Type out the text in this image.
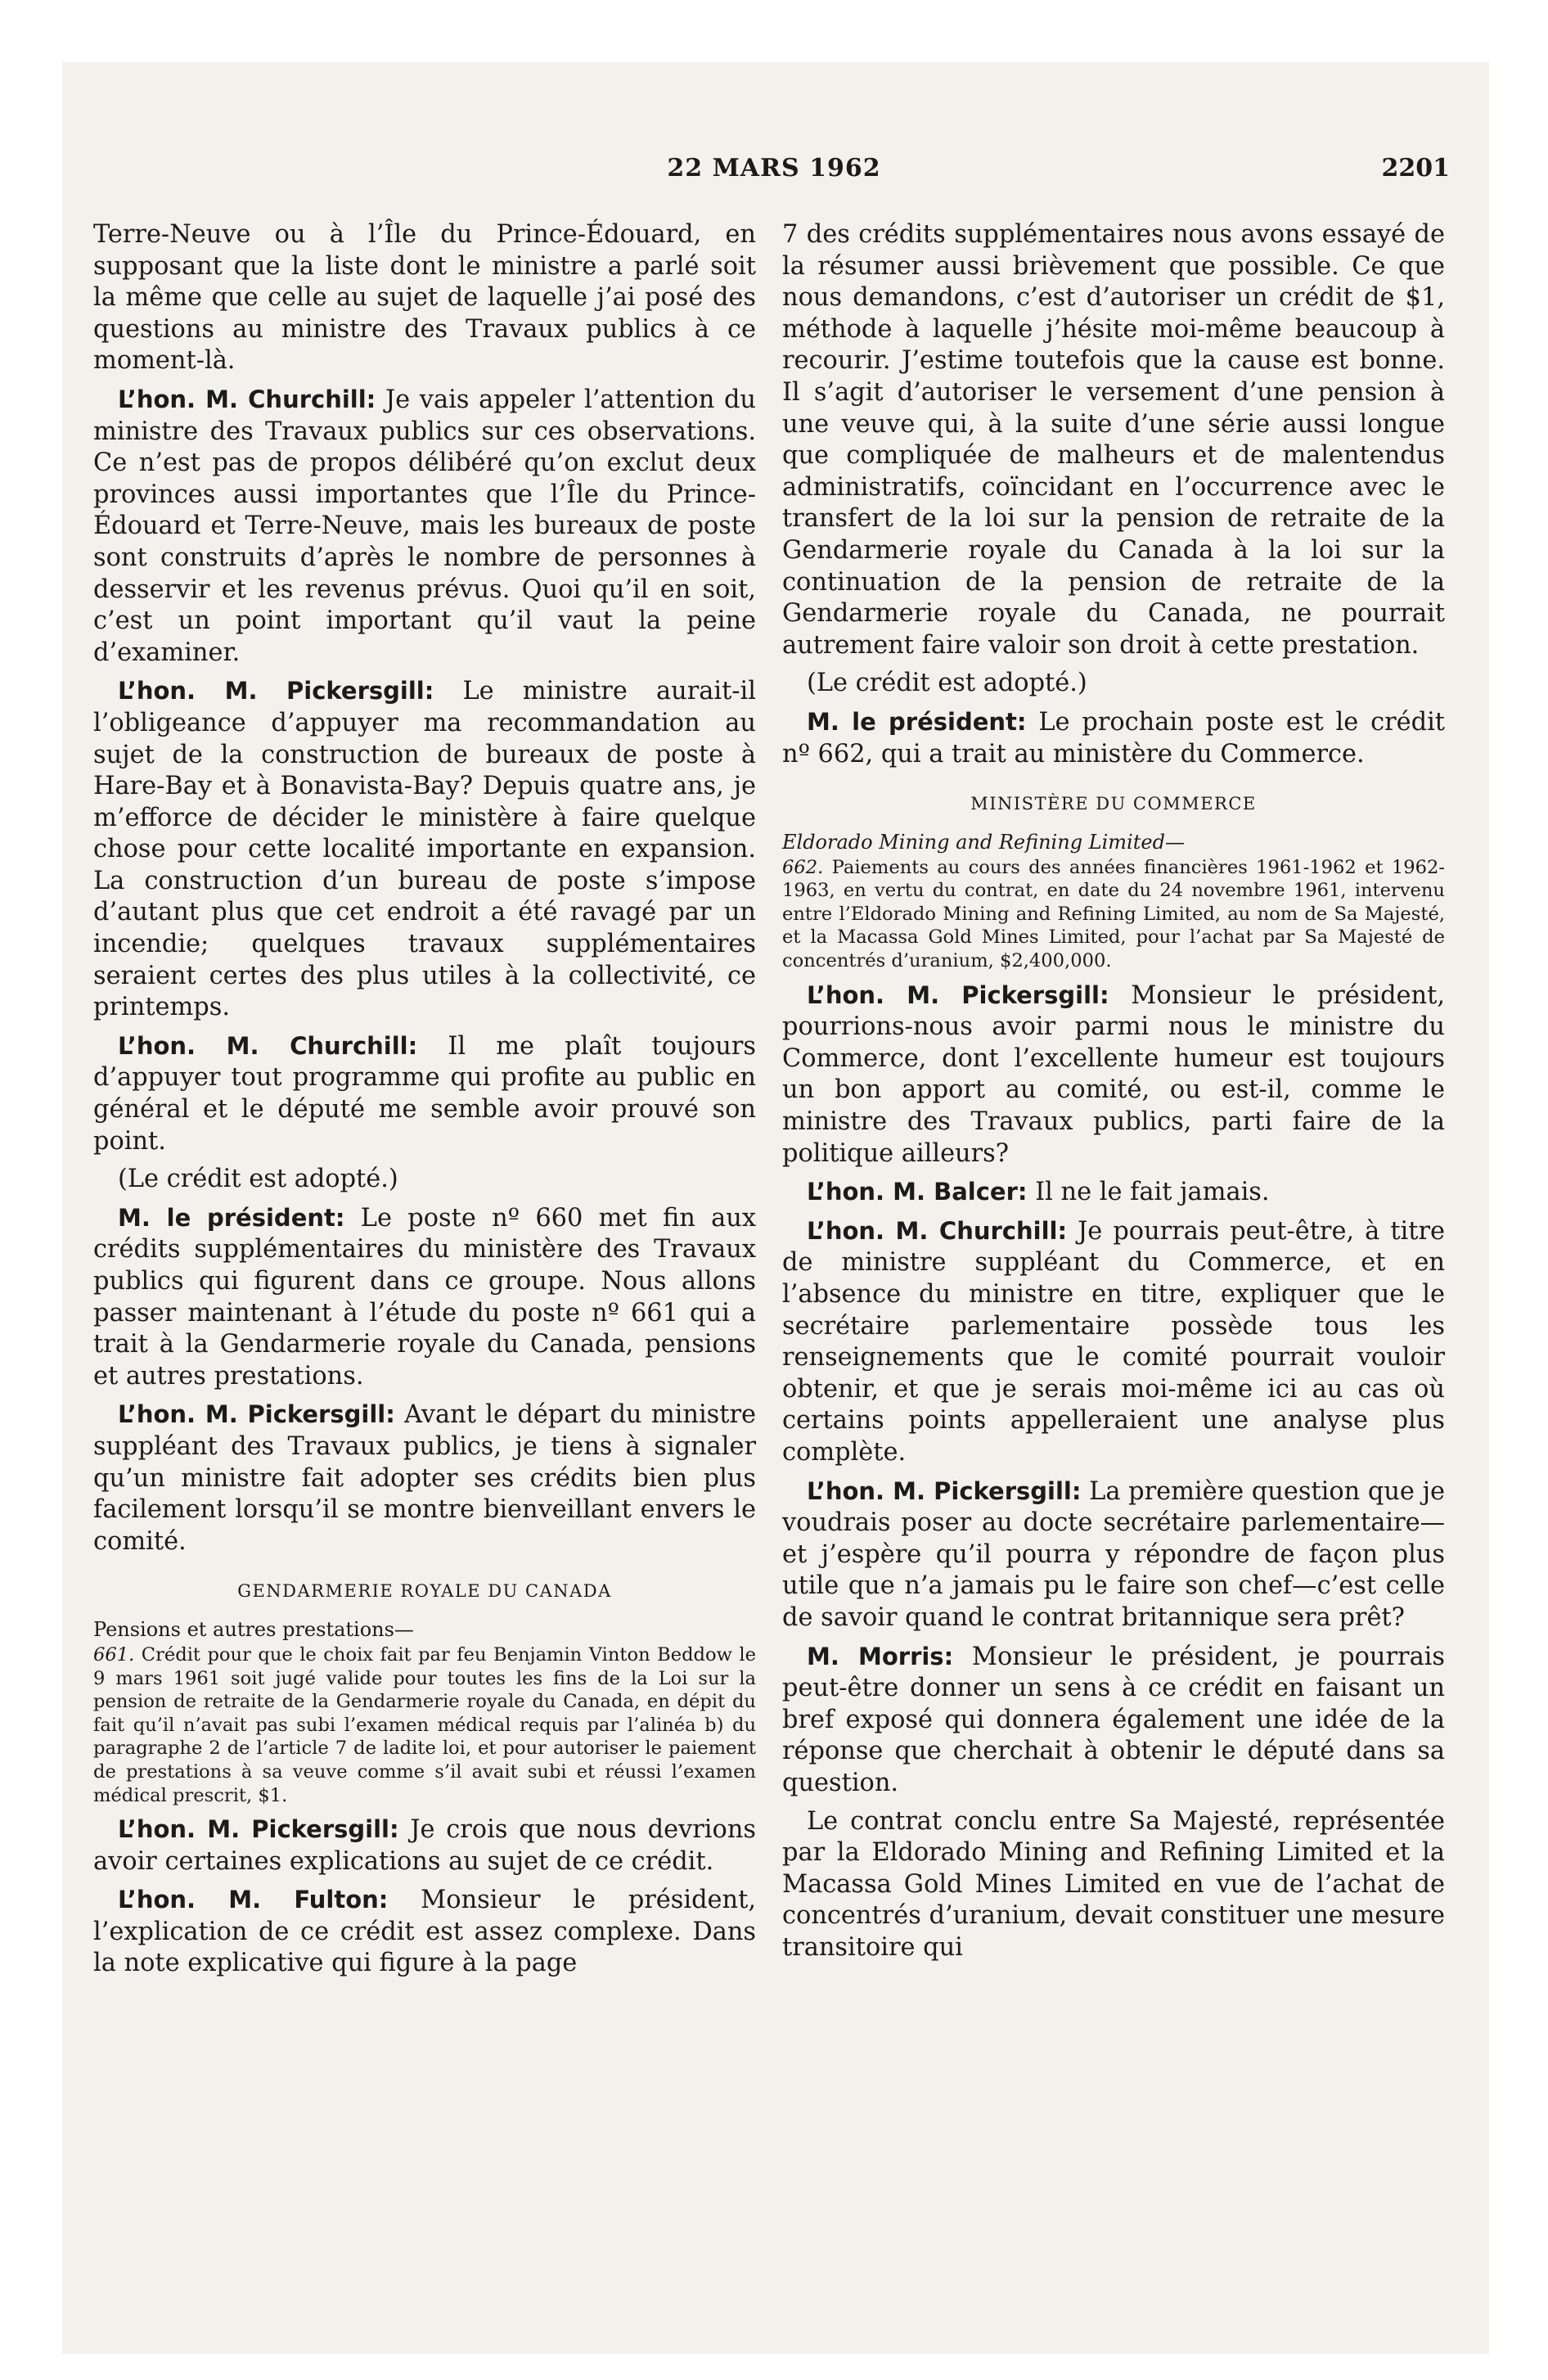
22 MARS 1962	2201

Terre-Neuve ou à l’Île du Prince-Édouard, en supposant que la liste dont le ministre a parlé soit la même que celle au sujet de laquelle j’ai posé des questions au ministre des Travaux publics à ce moment-là.

L’hon. M. Churchill: Je vais appeler l’attention du ministre des Travaux publics sur ces observations. Ce n’est pas de propos délibéré qu’on exclut deux provinces aussi importantes que l’Île du Prince-Édouard et Terre-Neuve, mais les bureaux de poste sont construits d’après le nombre de personnes à desservir et les revenus prévus. Quoi qu’il en soit, c’est un point important qu’il vaut la peine d’examiner.

L’hon. M. Pickersgill: Le ministre aurait-il l’obligeance d’appuyer ma recommandation au sujet de la construction de bureaux de poste à Hare-Bay et à Bonavista-Bay? Depuis quatre ans, je m’efforce de décider le ministère à faire quelque chose pour cette localité importante en expansion. La construction d’un bureau de poste s’impose d’autant plus que cet endroit a été ravagé par un incendie; quelques travaux supplémentaires seraient certes des plus utiles à la collectivité, ce printemps.

L’hon. M. Churchill: Il me plaît toujours d’appuyer tout programme qui profite au public en général et le député me semble avoir prouvé son point.

(Le crédit est adopté.)

M. le président: Le poste nº 660 met fin aux crédits supplémentaires du ministère des Travaux publics qui figurent dans ce groupe. Nous allons passer maintenant à l’étude du poste nº 661 qui a trait à la Gendarmerie royale du Canada, pensions et autres prestations.

L’hon. M. Pickersgill: Avant le départ du ministre suppléant des Travaux publics, je tiens à signaler qu’un ministre fait adopter ses crédits bien plus facilement lorsqu’il se montre bienveillant envers le comité.

GENDARMERIE ROYALE DU CANADA
Pensions et autres prestations—

661. Crédit pour que le choix fait par feu Benjamin Vinton Beddow le 9 mars 1961 soit jugé valide pour toutes les fins de la Loi sur la pension de retraite de la Gendarmerie royale du Canada, en dépit du fait qu’il n’avait pas subi l’examen médical requis par l’alinéa b) du paragraphe 2 de l’article 7 de ladite loi, et pour autoriser le paiement de prestations à sa veuve comme s’il avait subi et réussi l’examen médical prescrit, $1.

L’hon. M. Pickersgill: Je crois que nous devrions avoir certaines explications au sujet de ce crédit.

L’hon. M. Fulton: Monsieur le président, l’explication de ce crédit est assez complexe. Dans la note explicative qui figure à la page

7 des crédits supplémentaires nous avons essayé de la résumer aussi brièvement que possible. Ce que nous demandons, c’est d’autoriser un crédit de $1, méthode à laquelle j’hésite moi-même beaucoup à recourir. J’estime toutefois que la cause est bonne. Il s’agit d’autoriser le versement d’une pension à une veuve qui, à la suite d’une série aussi longue que compliquée de malheurs et de malentendus administratifs, coïncidant en l’occurrence avec le transfert de la loi sur la pension de retraite de la Gendarmerie royale du Canada à la loi sur la continuation de la pension de retraite de la Gendarmerie royale du Canada, ne pourrait autrement faire valoir son droit à cette prestation.

(Le crédit est adopté.)

M. le président: Le prochain poste est le crédit nº 662, qui a trait au ministère du Commerce.

MINISTÈRE DU COMMERCE
Eldorado Mining and Refining Limited—

662. Paiements au cours des années financières 1961-1962 et 1962-1963, en vertu du contrat, en date du 24 novembre 1961, intervenu entre l’Eldorado Mining and Refining Limited, au nom de Sa Majesté, et la Macassa Gold Mines Limited, pour l’achat par Sa Majesté de concentrés d’uranium, $2,400,000.

L’hon. M. Pickersgill: Monsieur le président, pourrions-nous avoir parmi nous le ministre du Commerce, dont l’excellente humeur est toujours un bon apport au comité, ou est-il, comme le ministre des Travaux publics, parti faire de la politique ailleurs?

L’hon. M. Balcer: Il ne le fait jamais.

L’hon. M. Churchill: Je pourrais peut-être, à titre de ministre suppléant du Commerce, et en l’absence du ministre en titre, expliquer que le secrétaire parlementaire possède tous les renseignements que le comité pourrait vouloir obtenir, et que je serais moi-même ici au cas où certains points appelleraient une analyse plus complète.

L’hon. M. Pickersgill: La première question que je voudrais poser au docte secrétaire parlementaire—et j’espère qu’il pourra y répondre de façon plus utile que n’a jamais pu le faire son chef—c’est celle de savoir quand le contrat britannique sera prêt?

M. Morris: Monsieur le président, je pourrais peut-être donner un sens à ce crédit en faisant un bref exposé qui donnera également une idée de la réponse que cherchait à obtenir le député dans sa question.

Le contrat conclu entre Sa Majesté, représentée par la Eldorado Mining and Refining Limited et la Macassa Gold Mines Limited en vue de l’achat de concentrés d’uranium, devait constituer une mesure transitoire qui
